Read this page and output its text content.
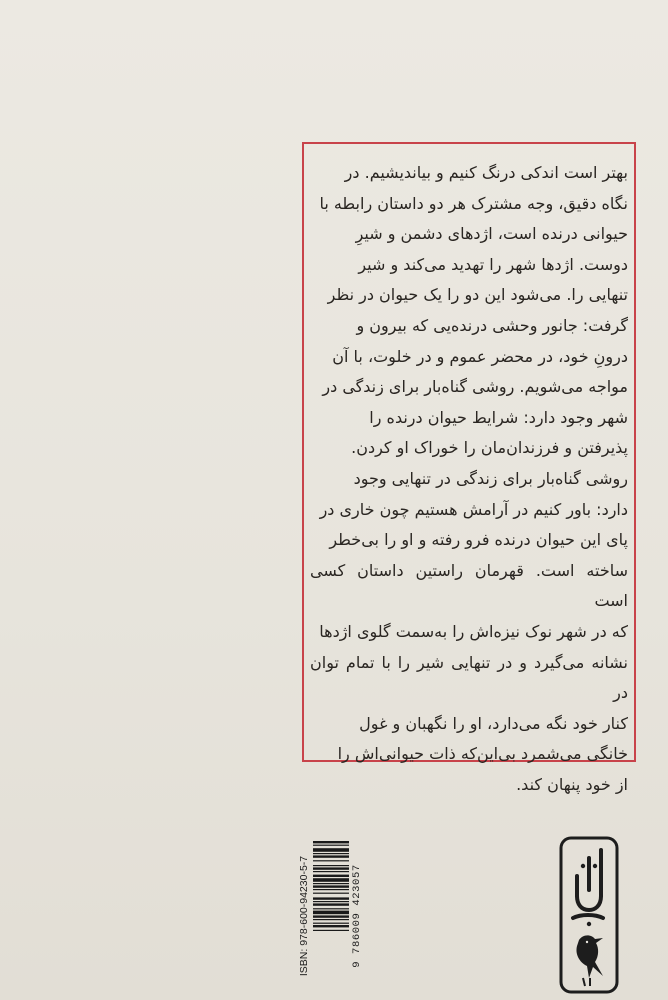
بهتر است اندکی درنگ کنیم و بیاندیشیم. در

نگاه دقیق، وجه مشترک هر دو داستان رابطه با

حیوانی درنده است، اژدهای دشمن و شیرِ

دوست. اژدها شهر را تهدید می‌کند و شیر

تنهایی را. می‌شود این دو را یک حیوان در نظر

گرفت: جانور وحشی درنده‌یی که بیرون و

درونِ خود، در محضر عموم و در خلوت، با آن

مواجه می‌شویم. روشی گناه‌بار برای زندگی در

شهر وجود دارد: شرایط حیوان درنده را

پذیرفتن و فرزندان‌مان را خوراک او کردن.

روشی گناه‌بار برای زندگی در تنهایی وجود

دارد: باور کنیم در آرامش هستیم چون خاری در

پای این حیوان درنده فرو رفته و او را بی‌خطر

ساخته است. قهرمان راستین داستان کسی است

که در شهر نوک نیزه‌اش را به‌سمت گلوی اژدها

نشانه می‌گیرد و در تنهایی شیر را با تمام توان در

کنار خود نگه می‌دارد، او را نگهبان و غول

خانگی می‌شمرد بی‌این‌که ذات حیوانی‌اش را

از خود پنهان کند.

ISBN: 978-600-94230-5-7	9 786009 423057
